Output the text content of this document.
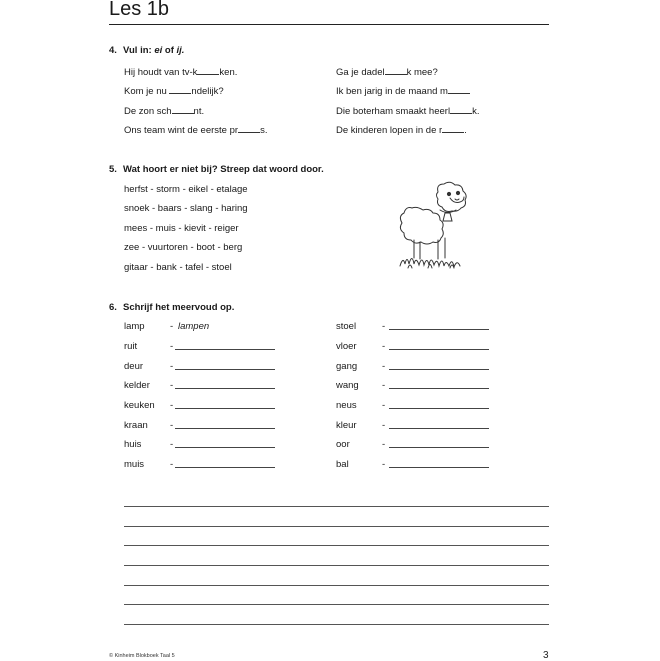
Les 1b
4. Vul in: ei of ij.
Hij houdt van tv-k ken.
Kom je nu ndelijk?
De zon sch nt.
Ons team wint de eerste pr s.
Ga je dadel k mee?
Ik ben jarig in de maand m
Die boterham smaakt heerl k.
De kinderen lopen in de r .
5. Wat hoort er niet bij? Streep dat woord door.
herfst - storm - eikel - etalage
snoek - baars - slang - haring
mees - muis - kievit - reiger
zee - vuurtoren - boot - berg
gitaar - bank - tafel - stoel
6. Schrijf het meervoud op.
lamp	- lampen
ruit	-
deur	-
kelder -
keuken -
kraan -
huis	-
muis	-
stoel	-
vloer	-
gang	-
wang -
neus	-
kleur	-
oor	-
bal	-
© Kinheim Blokboek Taal 5	3
